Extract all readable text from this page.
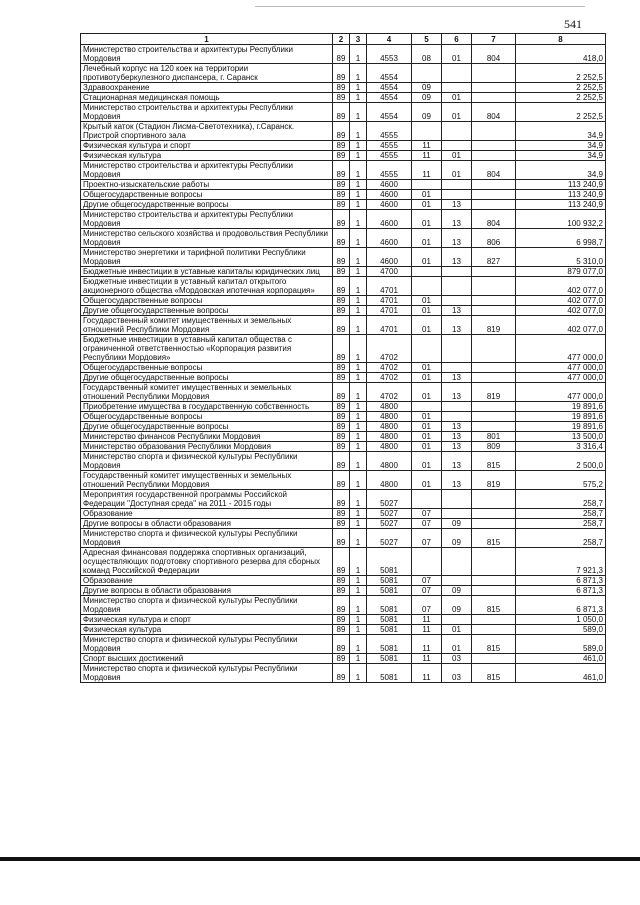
541
1	2	3	4	5	6	7	8
Министерство строительства и архитектуры Республики Мордовия	89	1	4553	08	01	804	418,0
Лечебный корпус на 120 коек на территории противотуберкулезного диспансера, г. Саранск	89	1	4554				2 252,5
Здравоохранение	89	1	4554	09			2 252,5
Стационарная медицинская помощь	89	1	4554	09	01		2 252,5
Министерство строительства и архитектуры Республики Мордовия	89	1	4554	09	01	804	2 252,5
Крытый каток (Стадион Лисма-Светотехника), г.Саранск. Пристрой спортивного зала	89	1	4555				34,9
Физическая культура и спорт	89	1	4555	11			34,9
Физическая культура	89	1	4555	11	01		34,9
Министерство строительства и архитектуры Республики Мордовия	89	1	4555	11	01	804	34,9
Проектно-изыскательские работы	89	1	4600				113 240,9
Общегосударственные вопросы	89	1	4600	01			113 240,9
Другие общегосударственные вопросы	89	1	4600	01	13		113 240,9
Министерство строительства и архитектуры Республики Мордовия	89	1	4600	01	13	804	100 932,2
Министерство сельского хозяйства и продовольствия Республики Мордовия	89	1	4600	01	13	806	6 998,7
Министерство энергетики и тарифной политики Республики Мордовия	89	1	4600	01	13	827	5 310,0
Бюджетные инвестиции в уставные капиталы юридических лиц	89	1	4700				879 077,0
Бюджетные инвестиции в уставный капитал открытого акционерного общества «Мордовская ипотечная корпорация»	89	1	4701				402 077,0
Общегосударственные вопросы	89	1	4701	01			402 077,0
Другие общегосударственные вопросы	89	1	4701	01	13		402 077,0
Государственный комитет имущественных и земельных отношений Республики Мордовия	89	1	4701	01	13	819	402 077,0
Бюджетные инвестиции в уставный капитал общества с ограниченной ответственностью «Корпорация развития Республики Мордовия»	89	1	4702				477 000,0
Общегосударственные вопросы	89	1	4702	01			477 000,0
Другие общегосударственные вопросы	89	1	4702	01	13		477 000,0
Государственный комитет имущественных и земельных отношений Республики Мордовия	89	1	4702	01	13	819	477 000,0
Приобретение имущества в государственную собственность	89	1	4800				19 891,6
Общегосударственные вопросы	89	1	4800	01			19 891,6
Другие общегосударственные вопросы	89	1	4800	01	13		19 891,6
Министерство финансов Республики Мордовия	89	1	4800	01	13	801	13 500,0
Министерство образования Республики Мордовия	89	1	4800	01	13	809	3 316,4
Министерство спорта и физической культуры Республики Мордовия	89	1	4800	01	13	815	2 500,0
Государственный комитет имущественных и земельных отношений Республики Мордовия	89	1	4800	01	13	819	575,2
Мероприятия государственной программы Российской Федерации "Доступная среда" на 2011 - 2015 годы	89	1	5027				258,7
Образование	89	1	5027	07			258,7
Другие вопросы в области образования	89	1	5027	07	09		258,7
Министерство спорта и физической культуры Республики Мордовия	89	1	5027	07	09	815	258,7
Адресная финансовая поддержка спортивных организаций, осуществляющих подготовку спортивного резерва для сборных команд Российской Федерации	89	1	5081				7 921,3
Образование	89	1	5081	07			6 871,3
Другие вопросы в области образования	89	1	5081	07	09		6 871,3
Министерство спорта и физической культуры Республики Мордовия	89	1	5081	07	09	815	6 871,3
Физическая культура и спорт	89	1	5081	11			1 050,0
Физическая культура	89	1	5081	11	01		589,0
Министерство спорта и физической культуры Республики Мордовия	89	1	5081	11	01	815	589,0
Спорт высших достижений	89	1	5081	11	03		461,0
Министерство спорта и физической культуры Республики Мордовия	89	1	5081	11	03	815	461,0
